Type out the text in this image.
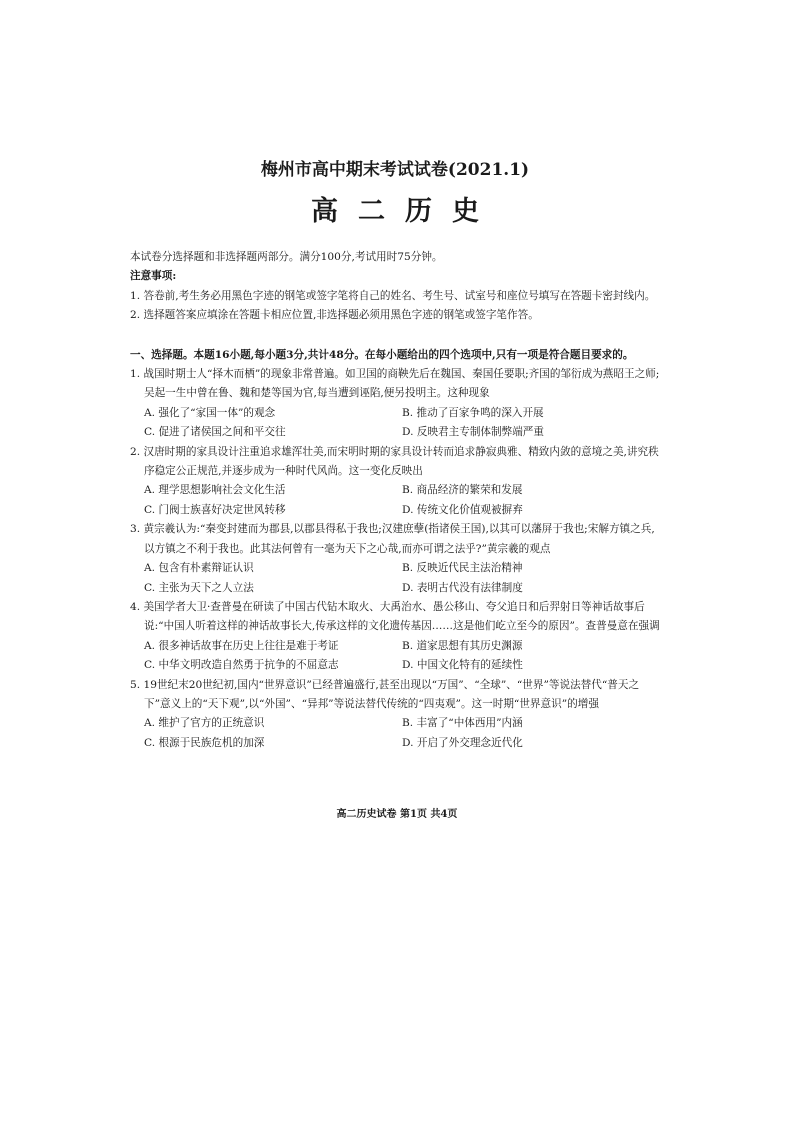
梅州市高中期末考试试卷(2021.1)
高二历史
本试卷分选择题和非选择题两部分。满分100分,考试用时75分钟。
注意事项:
1. 答卷前,考生务必用黑色字迹的钢笔或签字笔将自己的姓名、考生号、试室号和座位号填写在答题卡密封线内。
2. 选择题答案应填涂在答题卡相应位置,非选择题必须用黑色字迹的钢笔或签字笔作答。
一、选择题。本题16小题,每小题3分,共计48分。在每小题给出的四个选项中,只有一项是符合题目要求的。
1. 战国时期士人“择木而栖”的现象非常普遍。如卫国的商鞅先后在魏国、秦国任要职;齐国的邹衍成为燕昭王之师;吴起一生中曾在鲁、魏和楚等国为官,每当遭到诬陷,便另投明主。这种现象
A. 强化了“家国一体”的观念	B. 推动了百家争鸣的深入开展
C. 促进了诸侯国之间和平交往	D. 反映君主专制体制弊端严重
2. 汉唐时期的家具设计注重追求雄浑壮美,而宋明时期的家具设计转而追求静寂典雅、精致内敛的意境之美,讲究秩序稳定公正规范,并逐步成为一种时代风尚。这一变化反映出
A. 理学思想影响社会文化生活	B. 商品经济的繁荣和发展
C. 门阀士族喜好决定世风转移	D. 传统文化价值观被摒弃
3. 黄宗羲认为:“秦变封建而为郡县,以郡县得私于我也;汉建庶孽(指诸侯王国),以其可以藩屏于我也;宋解方镇之兵,以方镇之不利于我也。此其法何曾有一毫为天下之心哉,而亦可谓之法乎?”黄宗羲的观点
A. 包含有朴素辩证认识	B. 反映近代民主法治精神
C. 主张为天下之人立法	D. 表明古代没有法律制度
4. 美国学者大卫·查普曼在研读了中国古代钻木取火、大禹治水、愚公移山、夸父追日和后羿射日等神话故事后说:“中国人听着这样的神话故事长大,传承这样的文化遗传基因……这是他们屹立至今的原因”。查普曼意在强调
A. 很多神话故事在历史上往往是难于考证	B. 道家思想有其历史渊源
C. 中华文明改造自然勇于抗争的不屈意志	D. 中国文化特有的延续性
5. 19世纪末20世纪初,国内“世界意识”已经普遍盛行,甚至出现以“万国”、“全球”、“世界”等说法替代“普天之下”意义上的“天下观”,以“外国”、“异邦”等说法替代传统的“四夷观”。这一时期“世界意识”的增强
A. 维护了官方的正统意识	B. 丰富了“中体西用”内涵
C. 根源于民族危机的加深	D. 开启了外交理念近代化
高二历史试卷 第1页 共4页
